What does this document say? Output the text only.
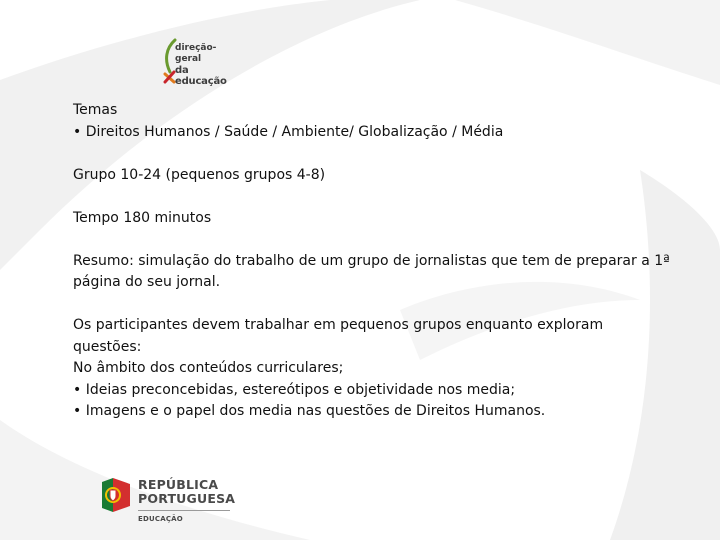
direção-geral
da educação

Temas

• Direitos Humanos / Saúde / Ambiente/ Globalização / Média

Grupo 10-24 (pequenos grupos 4-8)

Tempo 180 minutos

Resumo: simulação do trabalho de um grupo de jornalistas que tem de preparar a 1ª página do seu jornal.

Os participantes devem trabalhar em pequenos grupos enquanto exploram questões:

No âmbito dos conteúdos curriculares;

• Ideias preconcebidas, estereótipos e objetividade nos media;

• Imagens e o papel dos media nas questões de Direitos Humanos.

REPÚBLICA
PORTUGUESA
EDUCAÇÃO
